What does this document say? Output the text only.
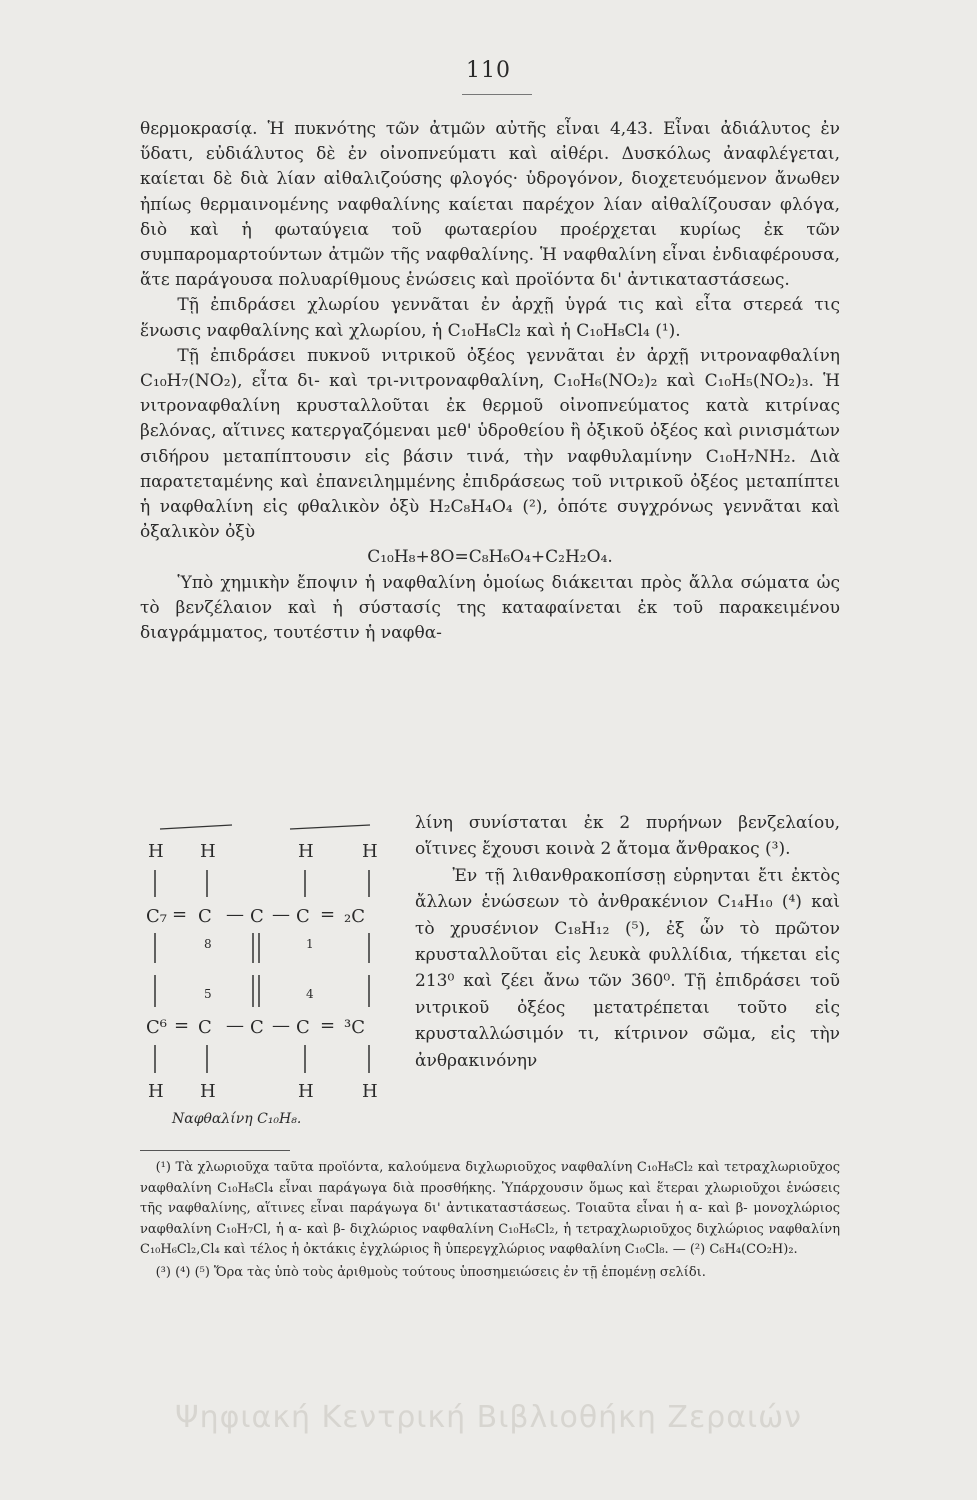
110

θερμοκρασίᾳ. Ἡ πυκνότης τῶν ἀτμῶν αὐτῆς εἶναι 4,43. Εἶναι ἀδιάλυτος ἐν ὕδατι, εὐδιάλυτος δὲ ἐν οἰνοπνεύματι καὶ αἰθέρι. Δυσκόλως ἀναφλέγεται, καίεται δὲ διὰ λίαν αἰθαλιζούσης φλογός· ὑδρογόνον, διοχετευόμενον ἄνωθεν ἠπίως θερμαινομένης ναφθαλίνης καίεται παρέχον λίαν αἰθαλίζουσαν φλόγα, διὸ καὶ ἡ φωταύγεια τοῦ φωταερίου προέρχεται κυρίως ἐκ τῶν συμπαρομαρτούντων ἀτμῶν τῆς ναφθαλίνης. Ἡ ναφθαλίνη εἶναι ἐνδιαφέρουσα, ἅτε παράγουσα πολυαρίθμους ἑνώσεις καὶ προϊόντα δι' ἀντικαταστάσεως.

Τῇ ἐπιδράσει χλωρίου γεννᾶται ἐν ἀρχῇ ὑγρά τις καὶ εἶτα στερεά τις ἕνωσις ναφθαλίνης καὶ χλωρίου, ἡ C₁₀H₈Cl₂ καὶ ἡ C₁₀H₈Cl₄ (¹).

Τῇ ἐπιδράσει πυκνοῦ νιτρικοῦ ὀξέος γεννᾶται ἐν ἀρχῇ νιτροναφθαλίνη C₁₀H₇(NO₂), εἶτα δι- καὶ τρι-νιτροναφθαλίνη, C₁₀H₆(NO₂)₂ καὶ C₁₀H₅(NO₂)₃. Ἡ νιτροναφθαλίνη κρυσταλλοῦται ἐκ θερμοῦ οἰνοπνεύματος κατὰ κιτρίνας βελόνας, αἵτινες κατεργαζόμεναι μεθ' ὑδροθείου ἢ ὀξικοῦ ὀξέος καὶ ρινισμάτων σιδήρου μεταπίπτουσιν εἰς βάσιν τινά, τὴν ναφθυλαμίνην C₁₀H₇NH₂. Διὰ παρατεταμένης καὶ ἐπανειλημμένης ἐπιδράσεως τοῦ νιτρικοῦ ὀξέος μεταπίπτει ἡ ναφθαλίνη εἰς φθαλικὸν ὀξὺ H₂C₈H₄O₄ (²), ὁπότε συγχρόνως γεννᾶται καὶ ὀξαλικὸν ὀξὺ

C₁₀H₈+8O=C₈H₆O₄+C₂H₂O₄.

Ὑπὸ χημικὴν ἔποψιν ἡ ναφθαλίνη ὁμοίως διάκειται πρὸς ἄλλα σώματα ὡς τὸ βενζέλαιον καὶ ἡ σύστασίς της καταφαίνεται ἐκ τοῦ παρακειμένου διαγράμματος, τουτέστιν ἡ ναφθα-

H H	H	H
C₇ = C — C — C = ₂C
8	1
5	4
C⁶ = C — C — C = ³C
H H	H	H
Ναφθαλίνη C₁₀H₈.

λίνη συνίσταται ἐκ 2 πυρήνων βενζελαίου, οἵτινες ἔχουσι κοινὰ 2 ἄτομα ἄνθρακος (³).

Ἐν τῇ λιθανθρακοπίσσῃ εὑρηνται ἔτι ἐκτὸς ἄλλων ἑνώσεων τὸ ἀνθρακένιον C₁₄H₁₀ (⁴) καὶ τὸ χρυσένιον C₁₈H₁₂ (⁵), ἐξ ὧν τὸ πρῶτον κρυσταλλοῦται εἰς λευκὰ φυλλίδια, τήκεται εἰς 213⁰ καὶ ζέει ἄνω τῶν 360⁰. Τῇ ἐπιδράσει τοῦ νιτρικοῦ ὀξέος μετατρέπεται τοῦτο εἰς κρυσταλλώσιμόν τι, κίτρινον σῶμα, εἰς τὴν ἀνθρακινόνην

(¹) Τὰ χλωριοῦχα ταῦτα προϊόντα, καλούμενα διχλωριοῦχος ναφθαλίνη C₁₀H₈Cl₂ καὶ τετραχλωριοῦχος ναφθαλίνη C₁₀H₈Cl₄ εἶναι παράγωγα διὰ προσθήκης. Ὑπάρχουσιν ὅμως καὶ ἕτεραι χλωριοῦχοι ἑνώσεις τῆς ναφθαλίνης, αἵτινες εἶναι παράγωγα δι' ἀντικαταστάσεως. Τοιαῦτα εἶναι ἡ α- καὶ β- μονοχλώριος ναφθαλίνη C₁₀H₇Cl, ἡ α- καὶ β- διχλώριος ναφθαλίνη C₁₀H₆Cl₂, ἡ τετραχλωριοῦχος διχλώριος ναφθαλίνη C₁₀H₆Cl₂,Cl₄ καὶ τέλος ἡ ὀκτάκις ἐγχλώριος ἢ ὑπερεγχλώριος ναφθαλίνη C₁₀Cl₈. — (²) C₆H₄(CO₂H)₂.

(³) (⁴) (⁵) Ὅρα τὰς ὑπὸ τοὺς ἀριθμοὺς τούτους ὑποσημειώσεις ἐν τῇ ἑπομένῃ σελίδι.

Ψηφιακή Κεντρική Βιβλιοθήκη Ζεραιών
